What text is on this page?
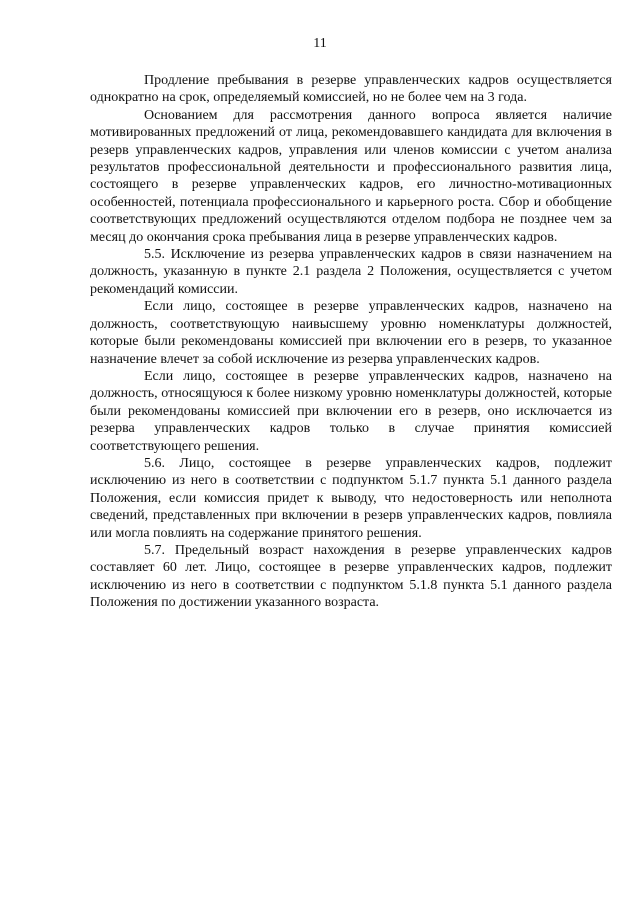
11

Продление пребывания в резерве управленческих кадров осуществляется однократно на срок, определяемый комиссией, но не более чем на 3 года.

Основанием для рассмотрения данного вопроса является наличие мотивированных предложений от лица, рекомендовавшего кандидата для включения в резерв управленческих кадров, управления или членов комиссии с учетом анализа результатов профессиональной деятельности и профессионального развития лица, состоящего в резерве управленческих кадров, его личностно-мотивационных особенностей, потенциала профессионального и карьерного роста. Сбор и обобщение соответствующих предложений осуществляются отделом подбора не позднее чем за месяц до окончания срока пребывания лица в резерве управленческих кадров.

5.5. Исключение из резерва управленческих кадров в связи назначением на должность, указанную в пункте 2.1 раздела 2 Положения, осуществляется с учетом рекомендаций комиссии.

Если лицо, состоящее в резерве управленческих кадров, назначено на должность, соответствующую наивысшему уровню номенклатуры должностей, которые были рекомендованы комиссией при включении его в резерв, то указанное назначение влечет за собой исключение из резерва управленческих кадров.

Если лицо, состоящее в резерве управленческих кадров, назначено на должность, относящуюся к более низкому уровню номенклатуры должностей, которые были рекомендованы комиссией при включении его в резерв, оно исключается из резерва управленческих кадров только в случае принятия комиссией соответствующего решения.

5.6. Лицо, состоящее в резерве управленческих кадров, подлежит исключению из него в соответствии с подпунктом 5.1.7 пункта 5.1 данного раздела Положения, если комиссия придет к выводу, что недостоверность или неполнота сведений, представленных при включении в резерв управленческих кадров, повлияла или могла повлиять на содержание принятого решения.

5.7. Предельный возраст нахождения в резерве управленческих кадров составляет 60 лет. Лицо, состоящее в резерве управленческих кадров, подлежит исключению из него в соответствии с подпунктом 5.1.8 пункта 5.1 данного раздела Положения по достижении указанного возраста.
